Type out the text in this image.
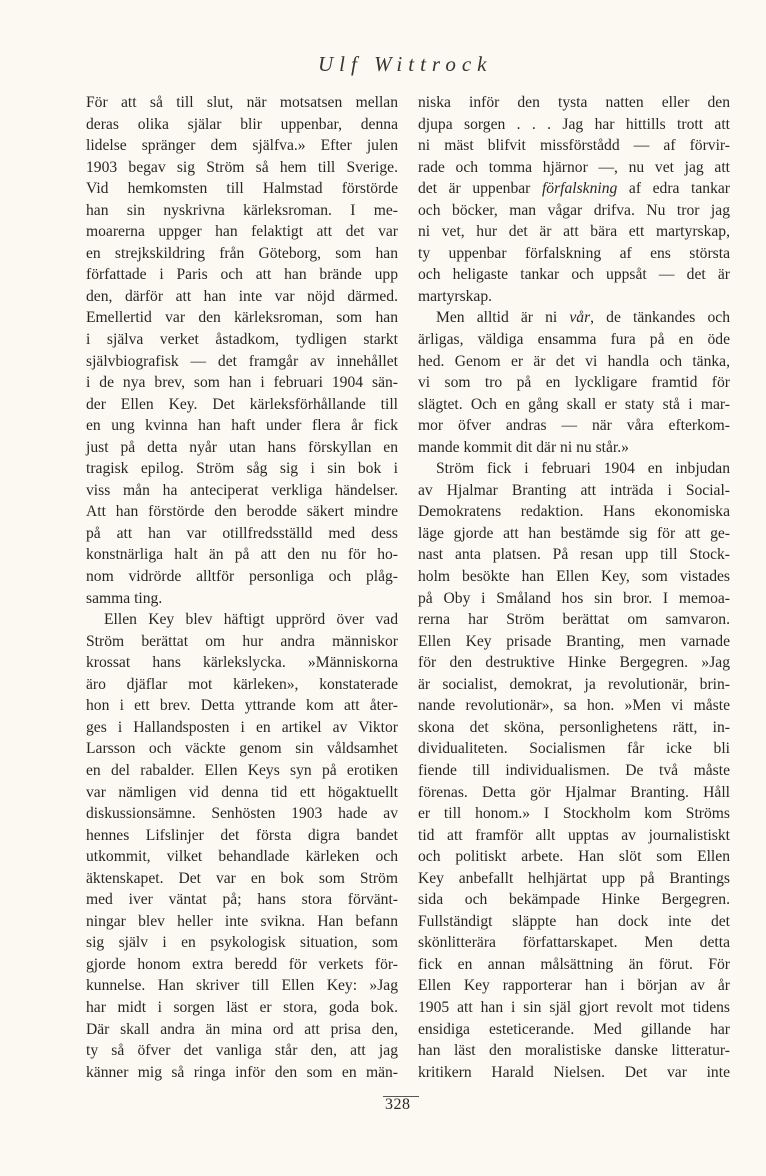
Ulf Wittrock
För att så till slut, när motsatsen mellan
deras olika själar blir uppenbar, denna
lidelse spränger dem själfva.» Efter julen
1903 begav sig Ström så hem till Sverige.
Vid hemkomsten till Halmstad förstörde
han sin nyskrivna kärleksroman. I me-
moarerna uppger han felaktigt att det var
en strejkskildring från Göteborg, som han
författade i Paris och att han brände upp
den, därför att han inte var nöjd därmed.
Emellertid var den kärleksroman, som han
i själva verket åstadkom, tydligen starkt
självbiografisk — det framgår av innehållet
i de nya brev, som han i februari 1904 sän-
der Ellen Key. Det kärleksförhållande till
en ung kvinna han haft under flera år fick
just på detta nyår utan hans förskyllan en
tragisk epilog. Ström såg sig i sin bok i
viss mån ha anteciperat verkliga händelser.
Att han förstörde den berodde säkert mindre
på att han var otillfredsställd med dess
konstnärliga halt än på att den nu för ho-
nom vidrörde alltför personliga och plåg-
samma ting.
Ellen Key blev häftigt upprörd över vad
Ström berättat om hur andra människor
krossat hans kärlekslycka. »Människorna
äro djäflar mot kärleken», konstaterade
hon i ett brev. Detta yttrande kom att åter-
ges i Hallandsposten i en artikel av Viktor
Larsson och väckte genom sin våldsamhet
en del rabalder. Ellen Keys syn på erotiken
var nämligen vid denna tid ett högaktuellt
diskussionsämne. Senhösten 1903 hade av
hennes Lifslinjer det första digra bandet
utkommit, vilket behandlade kärleken och
äktenskapet. Det var en bok som Ström
med iver väntat på; hans stora förvänt-
ningar blev heller inte svikna. Han befann
sig själv i en psykologisk situation, som
gjorde honom extra beredd för verkets för-
kunnelse. Han skriver till Ellen Key: »Jag
har midt i sorgen läst er stora, goda bok.
Där skall andra än mina ord att prisa den,
ty så öfver det vanliga står den, att jag
känner mig så ringa inför den som en män-
niska inför den tysta natten eller den
djupa sorgen . . . Jag har hittills trott att
ni mäst blifvit missförstådd — af förvir-
rade och tomma hjärnor —, nu vet jag att
det är uppenbar förfalskning af edra tankar
och böcker, man vågar drifva. Nu tror jag
ni vet, hur det är att bära ett martyrskap,
ty uppenbar förfalskning af ens största
och heligaste tankar och uppsåt — det är
martyrskap.
Men alltid är ni vår, de tänkandes och
ärligas, väldiga ensamma fura på en öde
hed. Genom er är det vi handla och tänka,
vi som tro på en lyckligare framtid för
slägtet. Och en gång skall er staty stå i mar-
mor öfver andras — när våra efterkom-
mande kommit dit där ni nu står.»
Ström fick i februari 1904 en inbjudan
av Hjalmar Branting att inträda i Social-
Demokratens redaktion. Hans ekonomiska
läge gjorde att han bestämde sig för att ge-
nast anta platsen. På resan upp till Stock-
holm besökte han Ellen Key, som vistades
på Oby i Småland hos sin bror. I memoa-
rerna har Ström berättat om samvaron.
Ellen Key prisade Branting, men varnade
för den destruktive Hinke Bergegren. »Jag
är socialist, demokrat, ja revolutionär, brin-
nande revolutionär», sa hon. »Men vi måste
skona det sköna, personlighetens rätt, in-
dividualiteten. Socialismen får icke bli
fiende till individualismen. De två måste
förenas. Detta gör Hjalmar Branting. Håll
er till honom.» I Stockholm kom Ströms
tid att framför allt upptas av journalistiskt
och politiskt arbete. Han slöt som Ellen
Key anbefallt helhjärtat upp på Brantings
sida och bekämpade Hinke Bergegren.
Fullständigt släppte han dock inte det
skönlitterära författarskapet. Men detta
fick en annan målsättning än förut. För
Ellen Key rapporterar han i början av år
1905 att han i sin själ gjort revolt mot tidens
ensidiga esteticerande. Med gillande har
han läst den moralistiske danske litteratur-
kritikern Harald Nielsen. Det var inte
328
